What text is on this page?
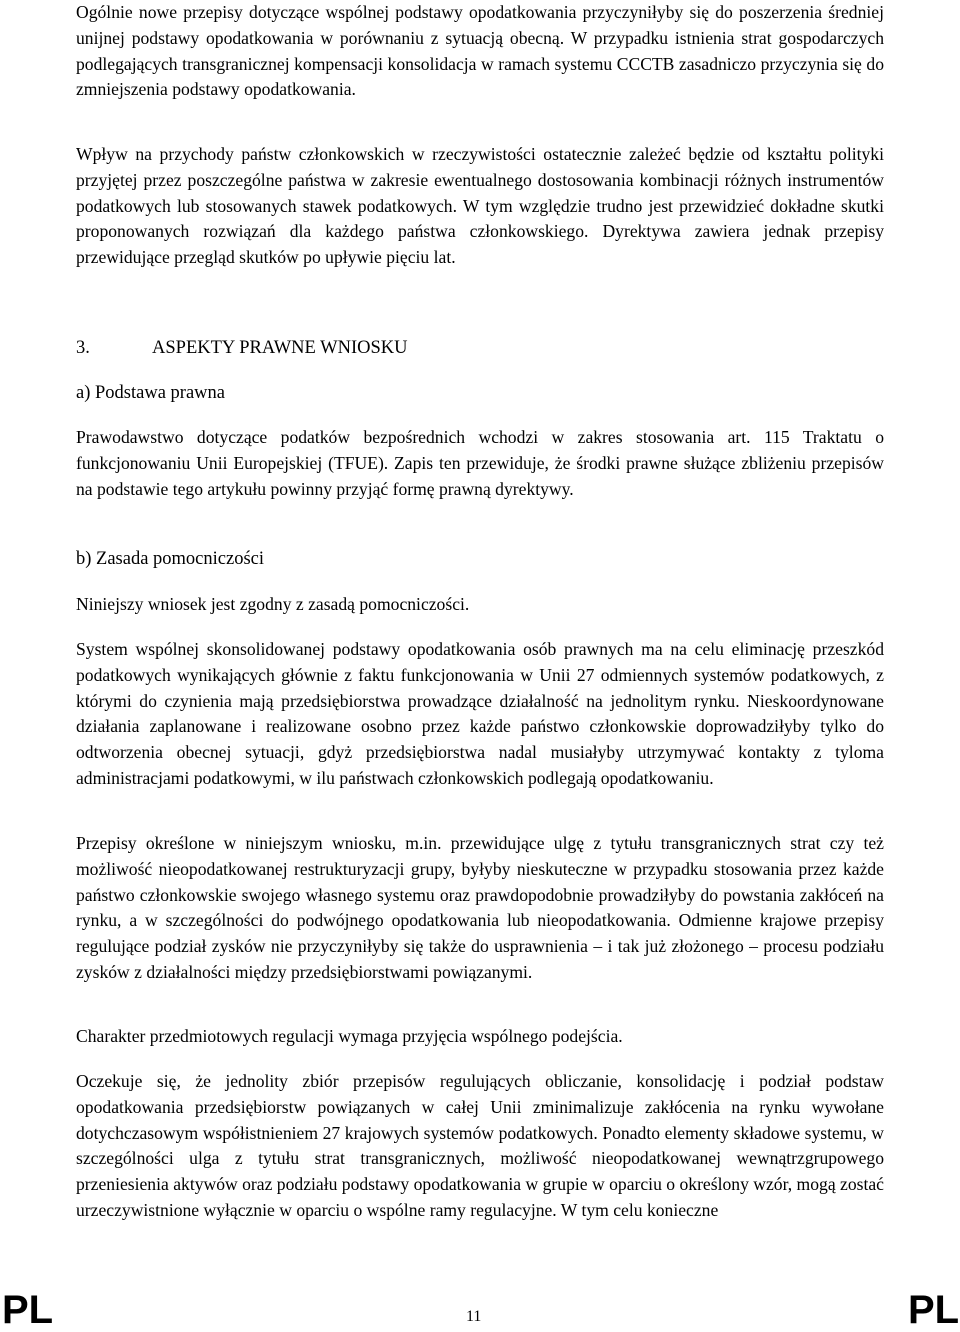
Ogólnie nowe przepisy dotyczące wspólnej podstawy opodatkowania przyczyniłyby się do poszerzenia średniej unijnej podstawy opodatkowania w porównaniu z sytuacją obecną. W przypadku istnienia strat gospodarczych podlegających transgranicznej kompensacji konsolidacja w ramach systemu CCCTB zasadniczo przyczynia się do zmniejszenia podstawy opodatkowania.

Wpływ na przychody państw członkowskich w rzeczywistości ostatecznie zależeć będzie od kształtu polityki przyjętej przez poszczególne państwa w zakresie ewentualnego dostosowania kombinacji różnych instrumentów podatkowych lub stosowanych stawek podatkowych. W tym względzie trudno jest przewidzieć dokładne skutki proponowanych rozwiązań dla każdego państwa członkowskiego. Dyrektywa zawiera jednak przepisy przewidujące przegląd skutków po upływie pięciu lat.

3.	ASPEKTY PRAWNE WNIOSKU
a) Podstawa prawna

Prawodawstwo dotyczące podatków bezpośrednich wchodzi w zakres stosowania art. 115 Traktatu o funkcjonowaniu Unii Europejskiej (TFUE). Zapis ten przewiduje, że środki prawne służące zbliżeniu przepisów na podstawie tego artykułu powinny przyjąć formę prawną dyrektywy.

b) Zasada pomocniczości

Niniejszy wniosek jest zgodny z zasadą pomocniczości.

System wspólnej skonsolidowanej podstawy opodatkowania osób prawnych ma na celu eliminację przeszkód podatkowych wynikających głównie z faktu funkcjonowania w Unii 27 odmiennych systemów podatkowych, z którymi do czynienia mają przedsiębiorstwa prowadzące działalność na jednolitym rynku. Nieskoordynowane działania zaplanowane i realizowane osobno przez każde państwo członkowskie doprowadziłyby tylko do odtworzenia obecnej sytuacji, gdyż przedsiębiorstwa nadal musiałyby utrzymywać kontakty z tyloma administracjami podatkowymi, w ilu państwach członkowskich podlegają opodatkowaniu.

Przepisy określone w niniejszym wniosku, m.in. przewidujące ulgę z tytułu transgranicznych strat czy też możliwość nieopodatkowanej restrukturyzacji grupy, byłyby nieskuteczne w przypadku stosowania przez każde państwo członkowskie swojego własnego systemu oraz prawdopodobnie prowadziłyby do powstania zakłóceń na rynku, a w szczególności do podwójnego opodatkowania lub nieopodatkowania. Odmienne krajowe przepisy regulujące podział zysków nie przyczyniłyby się także do usprawnienia – i tak już złożonego – procesu podziału zysków z działalności między przedsiębiorstwami powiązanymi.

Charakter przedmiotowych regulacji wymaga przyjęcia wspólnego podejścia.

Oczekuje się, że jednolity zbiór przepisów regulujących obliczanie, konsolidację i podział podstaw opodatkowania przedsiębiorstw powiązanych w całej Unii zminimalizuje zakłócenia na rynku wywołane dotychczasowym współistnieniem 27 krajowych systemów podatkowych. Ponadto elementy składowe systemu, w szczególności ulga z tytułu strat transgranicznych, możliwość nieopodatkowanej wewnątrzgrupowego przeniesienia aktywów oraz podziału podstawy opodatkowania w grupie w oparciu o określony wzór, mogą zostać urzeczywistnione wyłącznie w oparciu o wspólne ramy regulacyjne. W tym celu konieczne

PL	11	PL
